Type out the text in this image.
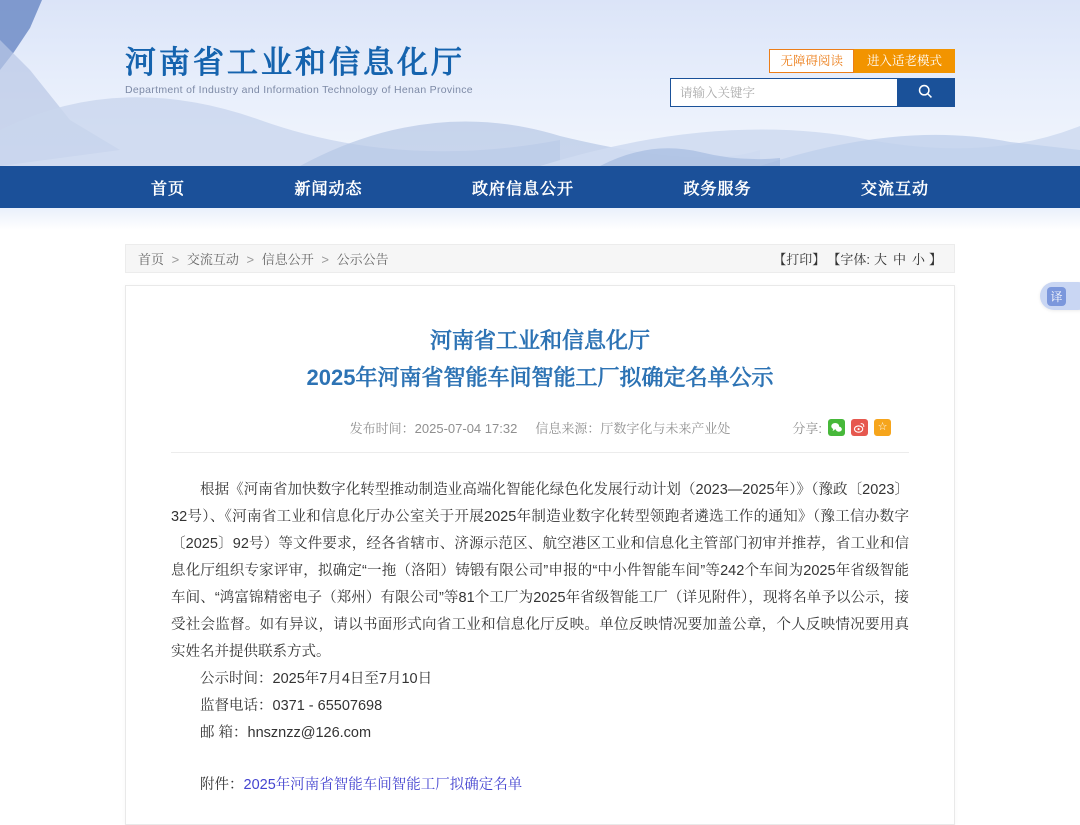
河南省工业和信息化厅
Department of Industry and Information Technology of Henan Province
无障碍阅读	进入适老模式
请输入关键字
首页	新闻动态	政府信息公开	政务服务	交流互动
首页 > 交流互动 > 信息公开 > 公示公告	【打印】 【字体: 大 中 小 】
河南省工业和信息化厅
2025年河南省智能车间智能工厂拟确定名单公示
发布时间：2025-07-04 17:32 信息来源：厅数字化与未来产业处	分享:	☆

根据《河南省加快数字化转型推动制造业高端化智能化绿色化发展行动计划（2023—2025年）》（豫政〔2023〕32号）、《河南省工业和信息化厅办公室关于开展2025年制造业数字化转型领跑者遴选工作的通知》（豫工信办数字〔2025〕92号）等文件要求，经各省辖市、济源示范区、航空港区工业和信息化主管部门初审并推荐，省工业和信息化厅组织专家评审，拟确定“一拖（洛阳）铸锻有限公司”申报的“中小件智能车间”等242个车间为2025年省级智能车间、“鸿富锦精密电子（郑州）有限公司”等81个工厂为2025年省级智能工厂（详见附件），现将名单予以公示，接受社会监督。如有异议，请以书面形式向省工业和信息化厅反映。单位反映情况要加盖公章，个人反映情况要用真实姓名并提供联系方式。

公示时间：2025年7月4日至7月10日

监督电话：0371 - 65507698

邮 箱：hnsznzz@126.com

附件：2025年河南省智能车间智能工厂拟确定名单
译
